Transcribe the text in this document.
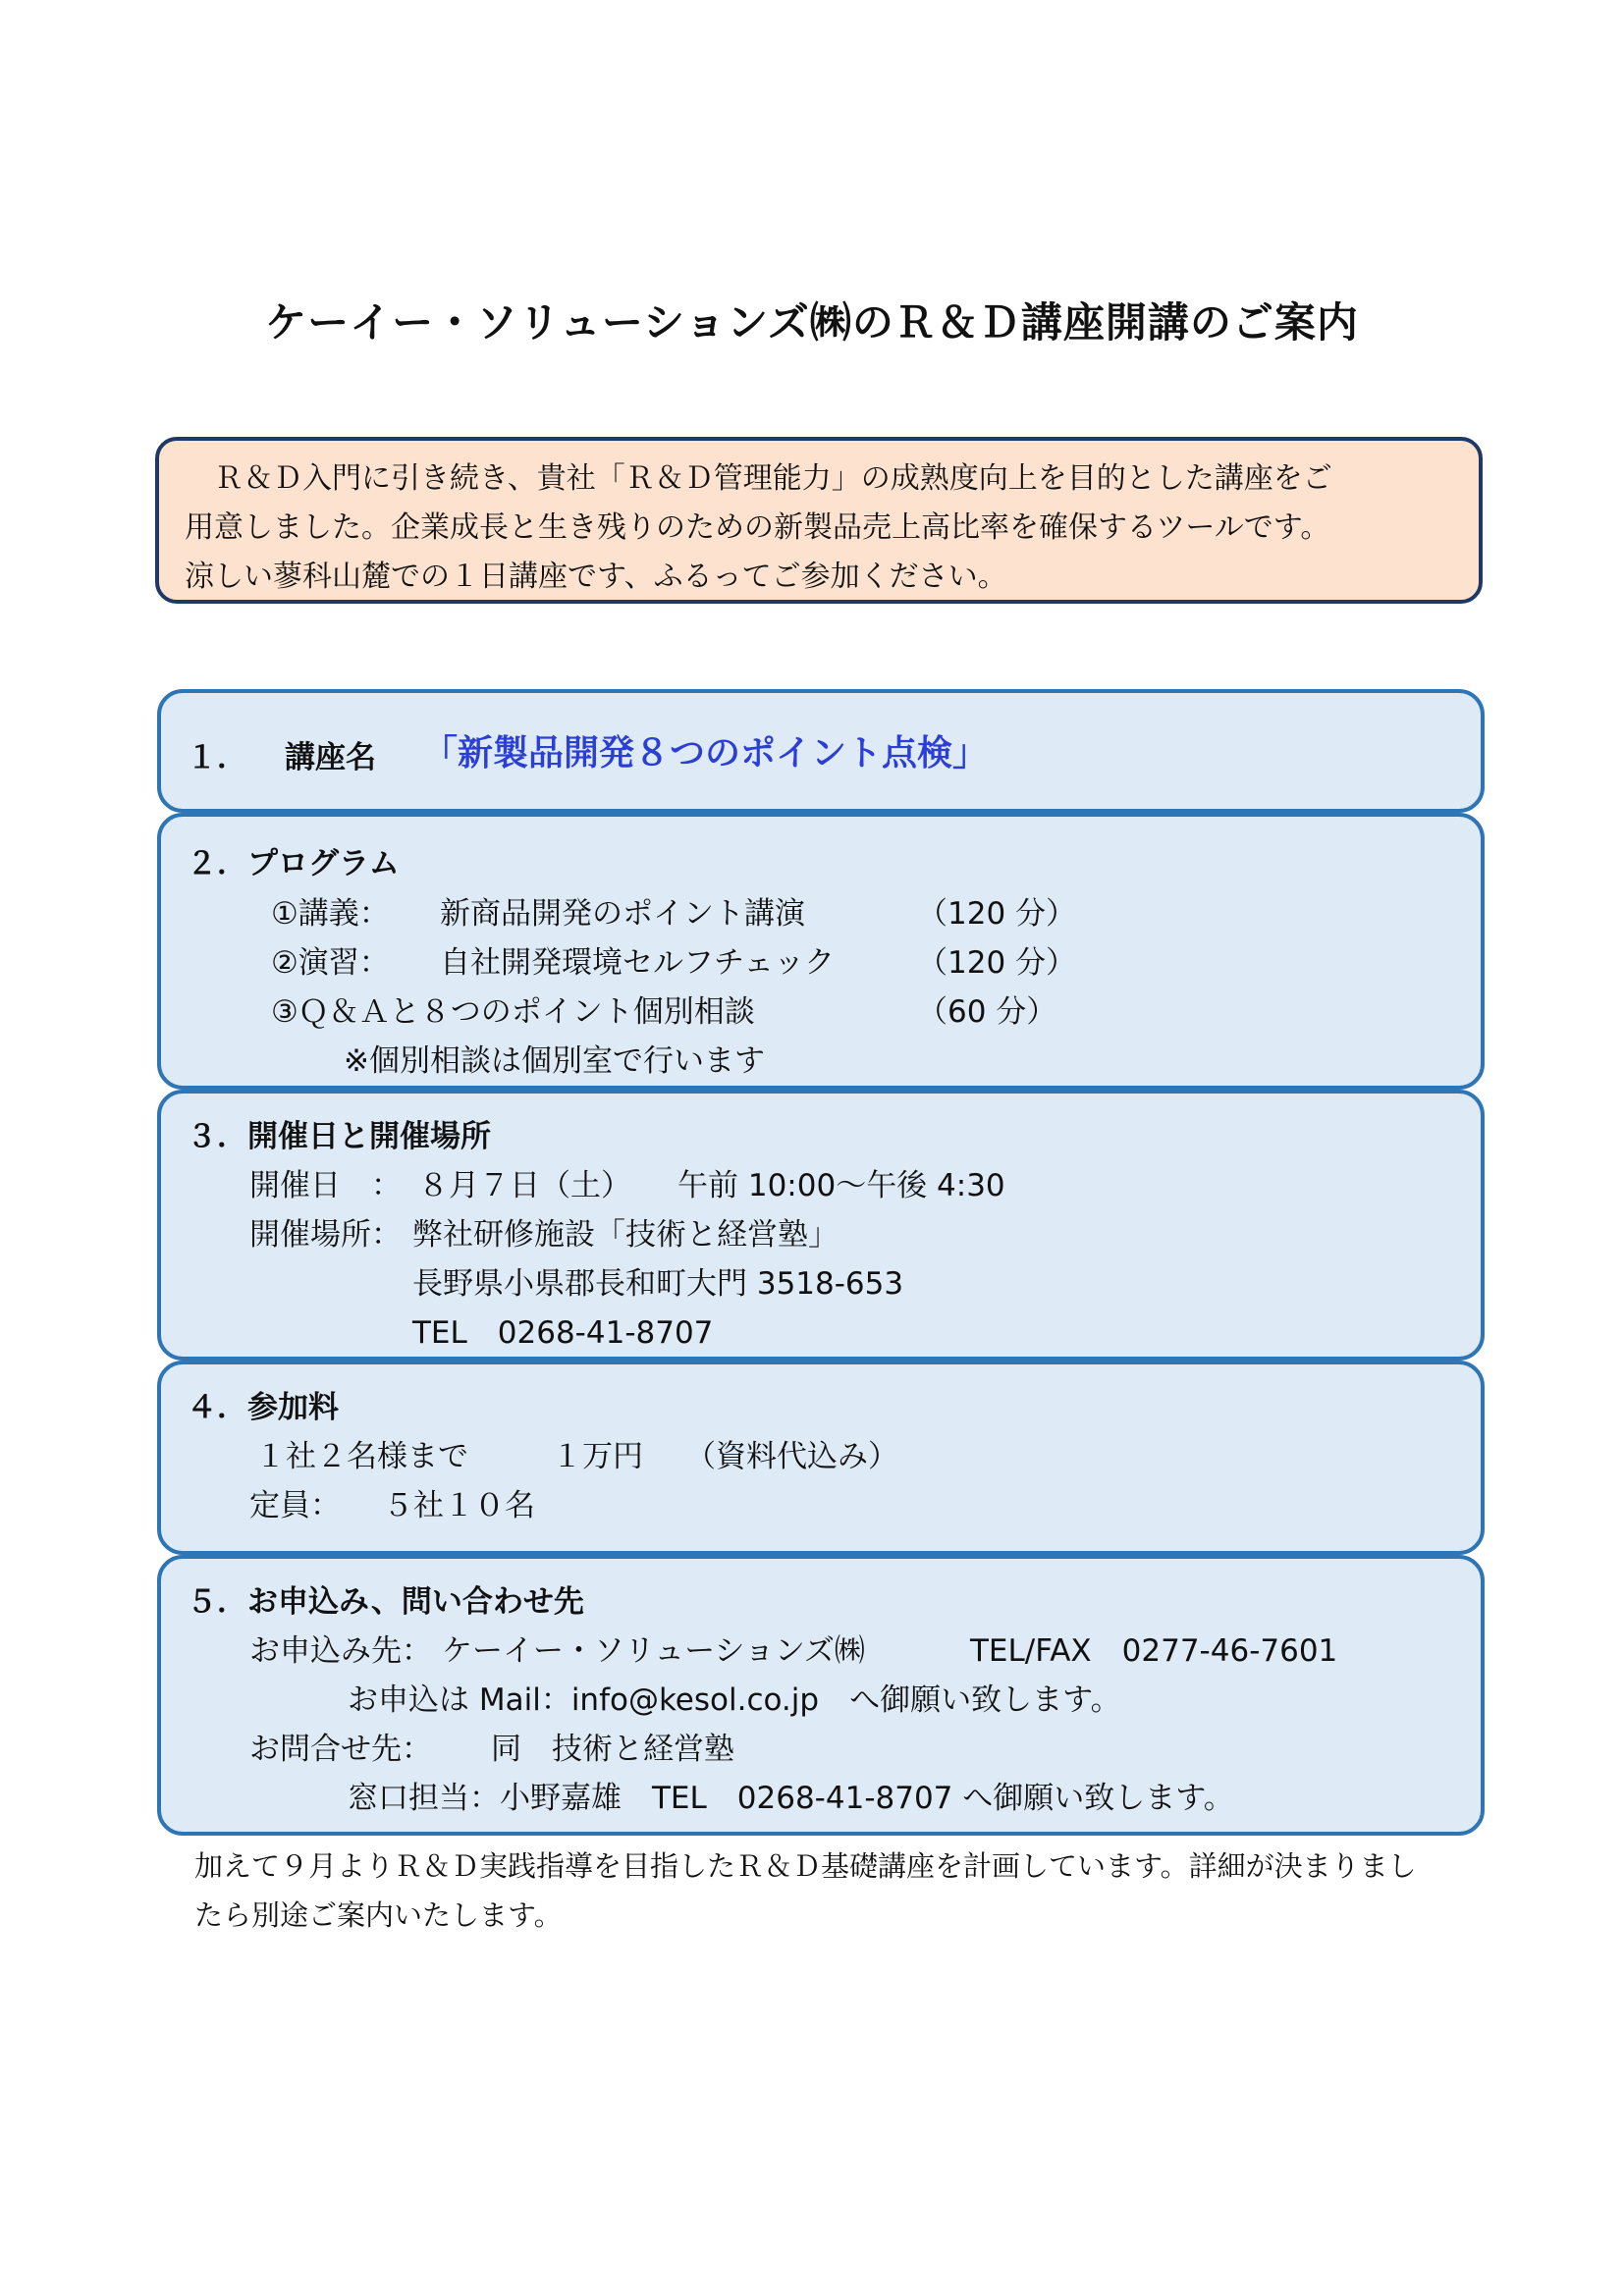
ケーイー・ソリューションズ㈱のＲ＆Ｄ講座開講のご案内
Ｒ＆Ｄ入門に引き続き、貴社「Ｒ＆Ｄ管理能力」の成熟度向上を目的とした講座をご
用意しました。企業成長と生き残りのための新製品売上高比率を確保するツールです。
涼しい蓼科山麓での１日講座です、ふるってご参加ください。
１． 講座名 「新製品開発８つのポイント点検」
２．プログラム
①講義： 新商品開発のポイント講演	（120 分）
②演習： 自社開発環境セルフチェック	（120 分）
③Ｑ＆Ａと８つのポイント個別相談	（60 分）
※個別相談は個別室で行います
３．開催日と開催場所
開催日　： ８月７日（土） 午前 10:00～午後 4:30
開催場所： 弊社研修施設「技術と経営塾」
長野県小県郡長和町大門 3518-653
TEL　0268-41-8707
４．参加料
１社２名様まで	１万円 （資料代込み）
定員： ５社１０名
５．お申込み、問い合わせ先
お申込み先： ケーイー・ソリューションズ㈱	TEL/FAX　0277-46-7601
お申込は Mail：info@kesol.co.jp　へ御願い致します。
お問合せ先： 同　技術と経営塾
窓口担当：小野嘉雄　TEL　0268-41-8707 へ御願い致します。
加えて９月よりＲ＆Ｄ実践指導を目指したＲ＆Ｄ基礎講座を計画しています。詳細が決まりまし
たら別途ご案内いたします。
